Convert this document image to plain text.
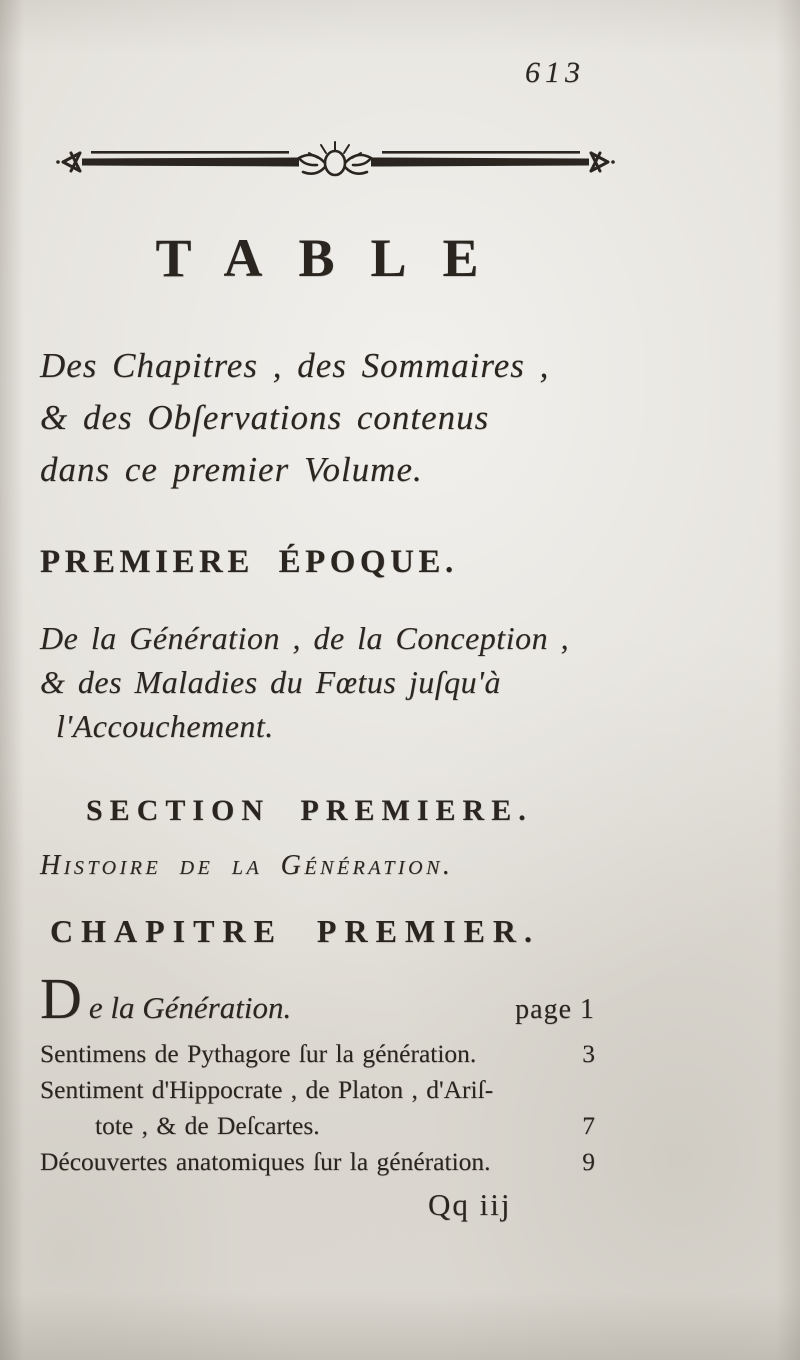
613
TABLE
Des Chapitres , des Sommaires ,
& des Obſervations contenus
dans ce premier Volume.
PREMIERE ÉPOQUE.
De la Génération , de la Conception ,
& des Maladies du Fœtus juſqu'à
l'Accouchement.
SECTION PREMIERE.
Histoire de la Génération.
CHAPITRE PREMIER.
D e la Génération.	page 1
Sentimens de Pythagore ſur la génération.	3
Sentiment d'Hippocrate , de Platon , d'Ariſ-
tote , & de Deſcartes.	7
Découvertes anatomiques ſur la génération.	9
Qq iij
